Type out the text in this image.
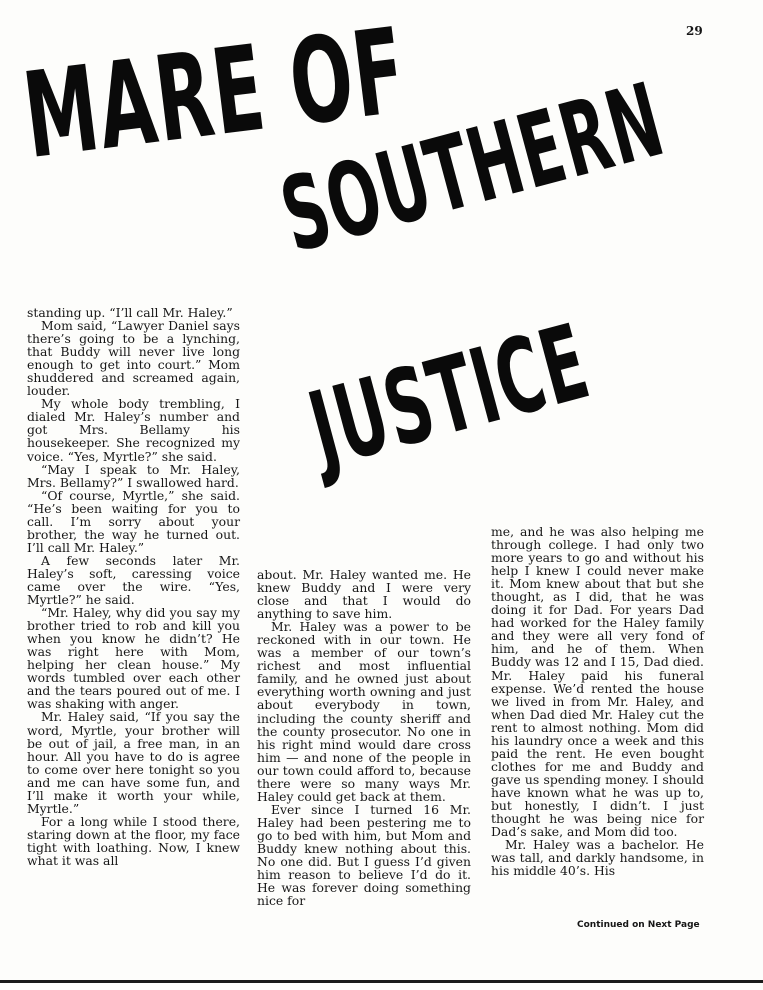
29
MARE OF
SOUTHERN
JUSTICE

standing up. “I’ll call Mr. Haley.”

Mom said, “Lawyer Daniel says there’s going to be a lynching, that Buddy will never live long enough to get into court.” Mom shuddered and screamed again, louder.

My whole body trembling, I dialed Mr. Haley’s number and got Mrs. Bellamy his housekeeper. She recognized my voice. “Yes, Myrtle?” she said.

“May I speak to Mr. Haley, Mrs. Bellamy?” I swallowed hard.

“Of course, Myrtle,” she said. “He’s been waiting for you to call. I’m sorry about your brother, the way he turned out. I’ll call Mr. Haley.”

A few seconds later Mr. Haley’s soft, caressing voice came over the wire. “Yes, Myrtle?” he said.

“Mr. Haley, why did you say my brother tried to rob and kill you when you know he didn’t? He was right here with Mom, helping her clean house.” My words tumbled over each other and the tears poured out of me. I was shaking with anger.

Mr. Haley said, “If you say the word, Myrtle, your brother will be out of jail, a free man, in an hour. All you have to do is agree to come over here tonight so you and me can have some fun, and I’ll make it worth your while, Myrtle.”

For a long while I stood there, staring down at the floor, my face tight with loathing. Now, I knew what it was all

about. Mr. Haley wanted me. He knew Buddy and I were very close and that I would do anything to save him.

Mr. Haley was a power to be reckoned with in our town. He was a member of our town’s richest and most influential family, and he owned just about everything worth owning and just about everybody in town, including the county sheriff and the county prosecutor. No one in his right mind would dare cross him — and none of the people in our town could afford to, because there were so many ways Mr. Haley could get back at them.

Ever since I turned 16 Mr. Haley had been pestering me to go to bed with him, but Mom and Buddy knew nothing about this. No one did. But I guess I’d given him reason to believe I’d do it. He was forever doing something nice for

me, and he was also helping me through college. I had only two more years to go and without his help I knew I could never make it. Mom knew about that but she thought, as I did, that he was doing it for Dad. For years Dad had worked for the Haley family and they were all very fond of him, and he of them. When Buddy was 12 and I 15, Dad died. Mr. Haley paid his funeral expense. We’d rented the house we lived in from Mr. Haley, and when Dad died Mr. Haley cut the rent to almost nothing. Mom did his laundry once a week and this paid the rent. He even bought clothes for me and Buddy and gave us spending money. I should have known what he was up to, but honestly, I didn’t. I just thought he was being nice for Dad’s sake, and Mom did too.

Mr. Haley was a bachelor. He was tall, and darkly handsome, in his middle 40’s. His

Continued on Next Page
